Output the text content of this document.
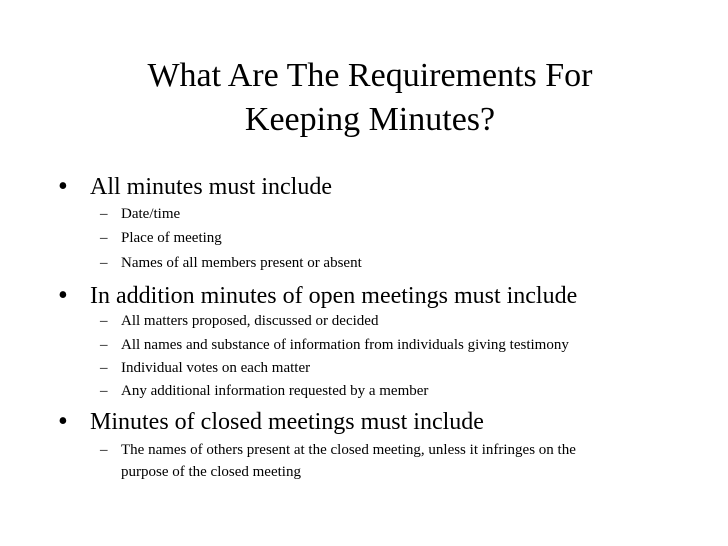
What Are The Requirements For
Keeping Minutes?
• All minutes must include
– Date/time
– Place of meeting
– Names of all members present or absent
• In addition minutes of open meetings must include
– All matters proposed, discussed or decided
– All names and substance of information from individuals giving testimony
– Individual votes on each matter
– Any additional information requested by a member
• Minutes of closed meetings must include
– The names of others present at the closed meeting, unless it infringes on the purpose of the closed meeting
